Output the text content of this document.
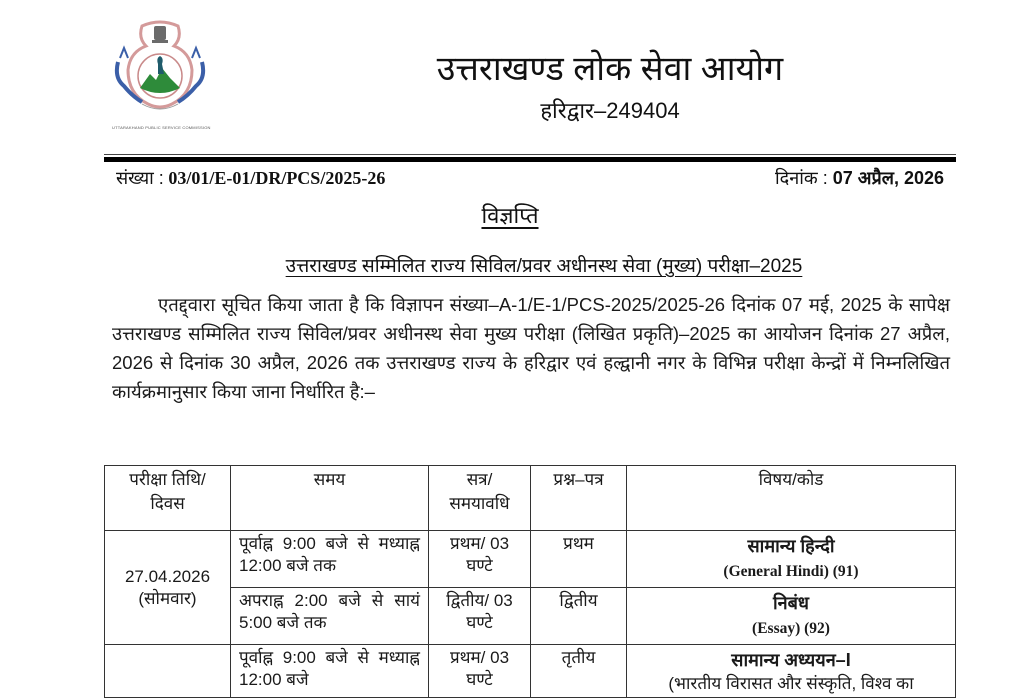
UTTARAKHAND PUBLIC SERVICE COMMISSION
उत्तराखण्ड लोक सेवा आयोग
हरिद्वार–249404
संख्या : 03/01/E-01/DR/PCS/2025-26	दिनांक : 07 अप्रैल, 2026
विज्ञप्ति
उत्तराखण्ड सम्मिलित राज्य सिविल/प्रवर अधीनस्थ सेवा (मुख्य) परीक्षा–2025
एतद्द्वारा सूचित किया जाता है कि विज्ञापन संख्या–A-1/E-1/PCS-2025/2025-26 दिनांक 07 मई, 2025 के सापेक्ष उत्तराखण्ड सम्मिलित राज्य सिविल/प्रवर अधीनस्थ सेवा मुख्य परीक्षा (लिखित प्रकृति)–2025 का आयोजन दिनांक 27 अप्रैल, 2026 से दिनांक 30 अप्रैल, 2026 तक उत्तराखण्ड राज्य के हरिद्वार एवं हल्द्वानी नगर के विभिन्न परीक्षा केन्द्रों में निम्नलिखित कार्यक्रमानुसार किया जाना निर्धारित है:–
परीक्षा तिथि/ दिवस	समय	सत्र/ समयावधि	प्रश्न–पत्र	विषय/कोड

27.04.2026
(सोमवार)
	पूर्वाह्न 9:00 बजे से मध्याह्न 12:00 बजे तक	प्रथम/ 03 घण्टे	प्रथम	सामान्य हिन्दी
(General Hindi) (91)

	अपराह्न 2:00 बजे से सायं 5:00 बजे तक	द्वितीय/ 03 घण्टे	द्वितीय	निबंध
(Essay) (92)

	पूर्वाह्न 9:00 बजे से मध्याह्न 12:00 बजे	प्रथम/ 03 घण्टे	तृतीय	सामान्य अध्ययन–I
(भारतीय विरासत और संस्कृति, विश्व का
